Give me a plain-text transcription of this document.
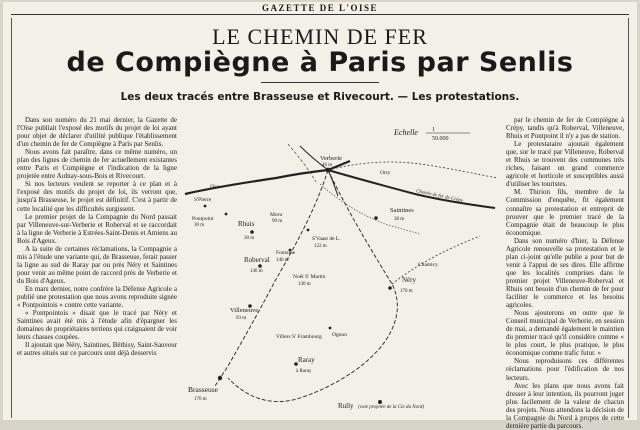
GAZETTE DE L'OISE
LE CHEMIN DE FER
de Compiègne à Paris par Senlis
Les deux tracés entre Brasseuse et Rivecourt. — Les protestations.

Dans son numéro du 21 mai dernier, la Gazette de l'Oise publiait l'exposé des motifs du projet de loi ayant pour objet de déclarer d'utilité publique l'établissement d'un chemin de fer de Compiègne à Paris par Senlis.

Nous avons fait paraître, dans ce même numéro, un plan des lignes de chemin de fer actuellement existantes entre Paris et Compiègne et l'indication de la ligne projetée entre Aulnay-sous-Bois et Rivecourt.

Si nos lecteurs veulent se reporter à ce plan et à l'exposé des motifs du projet de loi, ils verront que, jusqu'à Brasseuse, le projet est définitif. C'est à partir de cette localité que les difficultés surgissent.

Le premier projet de la Compagnie du Nord passait par Villeneuve-sur-Verberie et Roberval et se raccordait à la ligne de Verberie à Estrées-Saint-Denis et Amiens au Bois d'Ageux.

A la suite de certaines réclamations, la Compagnie a mis à l'étude une variante qui, de Brasseuse, ferait passer la ligne au sud de Raray par ou près Néry et Saintines pour venir au même point de raccord près de Verberie et du Bois d'Ageux.

En mars dernier, notre confrère la Défense Agricole a publié une protestation que nous avons reproduite signée « Pontpointois » contre cette variante.

« Pontpointois » disait que le tracé par Néry et Saintines avait été mis à l'étude afin d'épargner les domaines de propriétaires terriens qui craignaient de voir leurs chasses coupées.

Il ajoutait que Néry, Saintines, Béthisy, Saint-Sauveur et autres situés sur ce parcours sont déjà desservis

Echelle 1
50.000
Verberie
46 m
Rhuis
30 m
S'Pierre
Pontpoint
30 m
Moru
90 m
Roberval
136 m
Villeneuve
93 m
Brasseuse
170 m
Néry
170 m
Saintines
38 m
Raray
à Raray
Rully (voie projetée de la Cie du Nord)
S'Vaast de L.
122 m
Noël S' Martin
130 m
Fontaine
140 m
Ognon
Villers S' Frambourg
Chamicy
Oise
Chemin de fer de Crépy
Orry

par le chemin de fer de Compiègne à Crépy, tandis qu'à Roberval, Villeneuve, Rhuis et Pontpoint il n'y a pas de station.

Le protestataire ajoutait également que, sur le tracé par Villeneuve, Roberval et Rhuis se trouvent des communes très riches, faisant un grand commerce agricole et horticole et susceptibles aussi d'utiliser les touristes.

M. Thirion fils, membre de la Commission d'enquête, fit également connaître sa protestation et entreprit de prouver que le premier tracé de la Compagnie était de beaucoup le plus économique.

Dans son numéro d'hier, la Défense Agricole renouvelle sa protestation et le plan ci-joint qu'elle publie a pour but de venir à l'appui de ses dires. Elle affirme que les localités comprises dans le premier projet Villeneuve-Roberval et Rhuis ont besoin d'un chemin de fer pour faciliter le commerce et les besoins agricoles.

Nous ajouterons en outre que le Conseil municipal de Verberie, en session de mai, a demandé également le maintien du premier tracé qu'il considère comme « le plus court, le plus pratique, le plus économique comme trafic futur. »

Nous reproduisons ces différentes réclamations pour l'édification de nos lecteurs.

Avec les plans que nous avons fait dresser à leur intention, ils pourront juger plus facilement de la valeur de chacun des projets. Nous attendons la décision de la Compagnie du Nord à propos de cette dernière partie du parcours.
